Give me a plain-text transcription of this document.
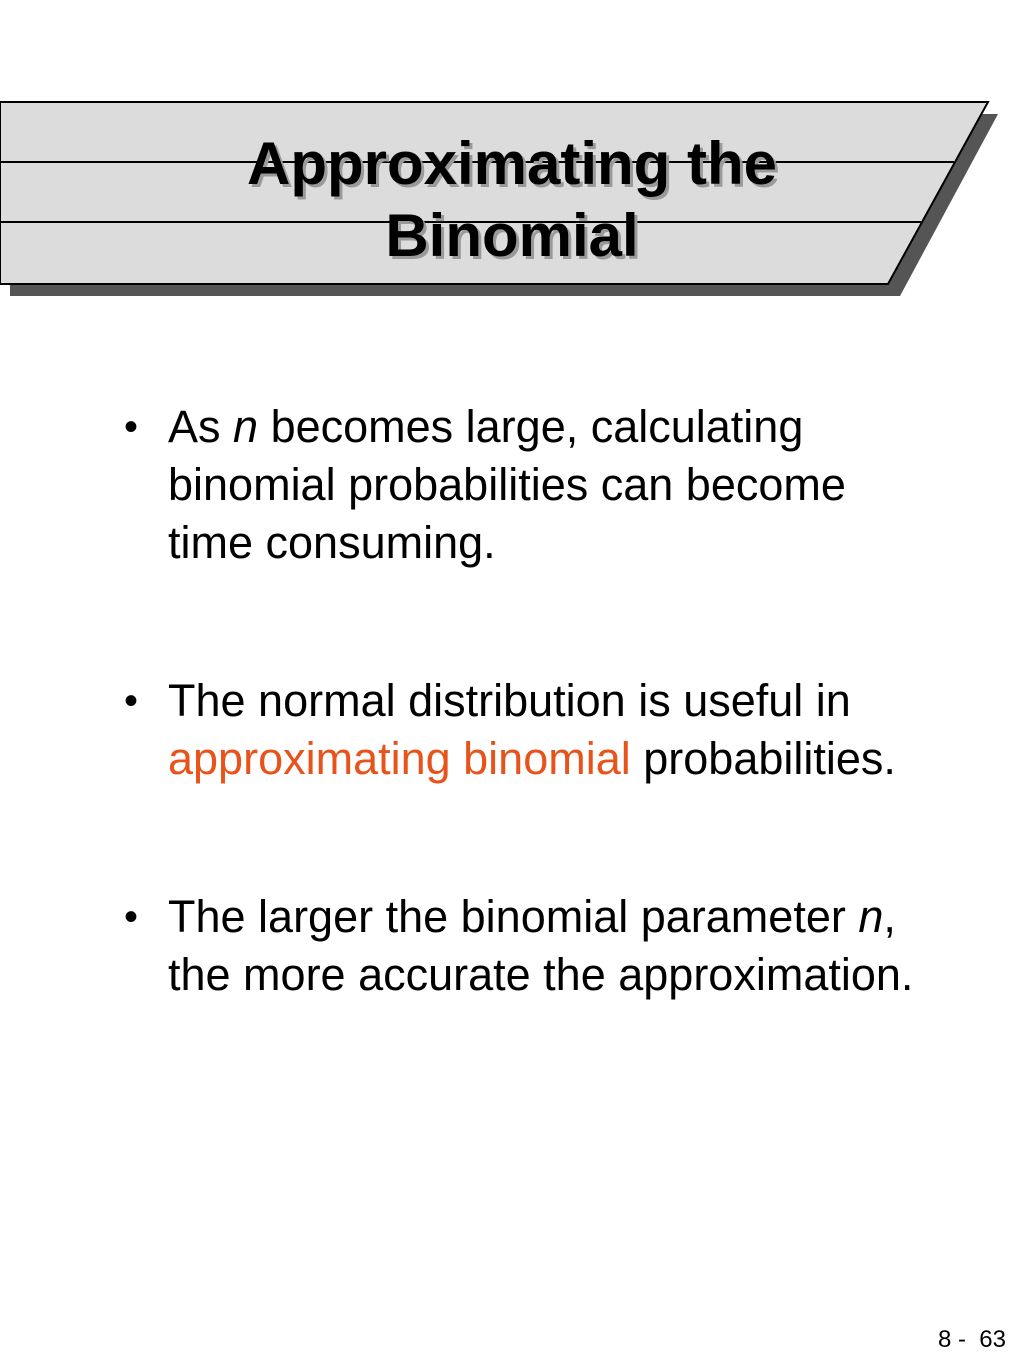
Approximating the
Binomial
• As n becomes large, calculating binomial probabilities can become time consuming.
• The normal distribution is useful in approximating binomial probabilities.
• The larger the binomial parameter n, the more accurate the approximation.
8 - 63
